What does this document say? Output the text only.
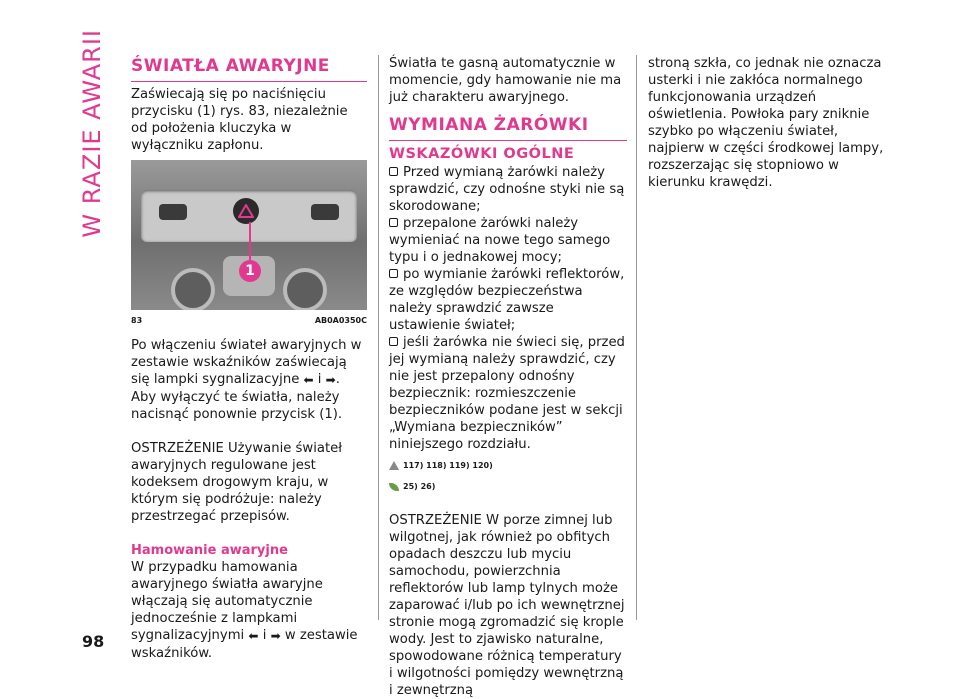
W RAZIE AWARII
98
ŚWIATŁA AWARYJNE

Zaświecają się po naciśnięciu przycisku (1) rys. 83, niezależnie od położenia kluczyka w wyłączniku zapłonu.

1
83	AB0A0350C

Po włączeniu świateł awaryjnych w zestawie wskaźników zaświecają się lampki sygnalizacyjne ⬅ i ➡.

Aby wyłączyć te światła, należy nacisnąć ponownie przycisk (1).

OSTRZEŻENIE Używanie świateł awaryjnych regulowane jest kodeksem drogowym kraju, w którym się podróżuje: należy przestrzegać przepisów.

Hamowanie awaryjne

W przypadku hamowania awaryjnego światła awaryjne włączają się automatycznie jednocześnie z lampkami sygnalizacyjnymi ⬅ i ➡ w zestawie wskaźników.

Światła te gasną automatycznie w momencie, gdy hamowanie nie ma już charakteru awaryjnego.

WYMIANA ŻARÓWKI
WSKAZÓWKI OGÓLNE

Przed wymianą żarówki należy sprawdzić, czy odnośne styki nie są skorodowane;

przepalone żarówki należy wymieniać na nowe tego samego typu i o jednakowej mocy;

po wymianie żarówki reflektorów, ze względów bezpieczeństwa należy sprawdzić zawsze ustawienie świateł;

jeśli żarówka nie świeci się, przed jej wymianą należy sprawdzić, czy nie jest przepalony odnośny bezpiecznik: rozmieszczenie bezpieczników podane jest w sekcji „Wymiana bezpieczników” niniejszego rozdziału.

117) 118) 119) 120)
25) 26)

OSTRZEŻENIE W porze zimnej lub wilgotnej, jak również po obfitych opadach deszczu lub myciu samochodu, powierzchnia reflektorów lub lamp tylnych może zaparować i/lub po ich wewnętrznej stronie mogą zgromadzić się krople wody. Jest to zjawisko naturalne, spowodowane różnicą temperatury i wilgotności pomiędzy wewnętrzną i zewnętrzną

stroną szkła, co jednak nie oznacza usterki i nie zakłóca normalnego funkcjonowania urządzeń oświetlenia. Powłoka pary zniknie szybko po włączeniu świateł, najpierw w części środkowej lampy, rozszerzając się stopniowo w kierunku krawędzi.
